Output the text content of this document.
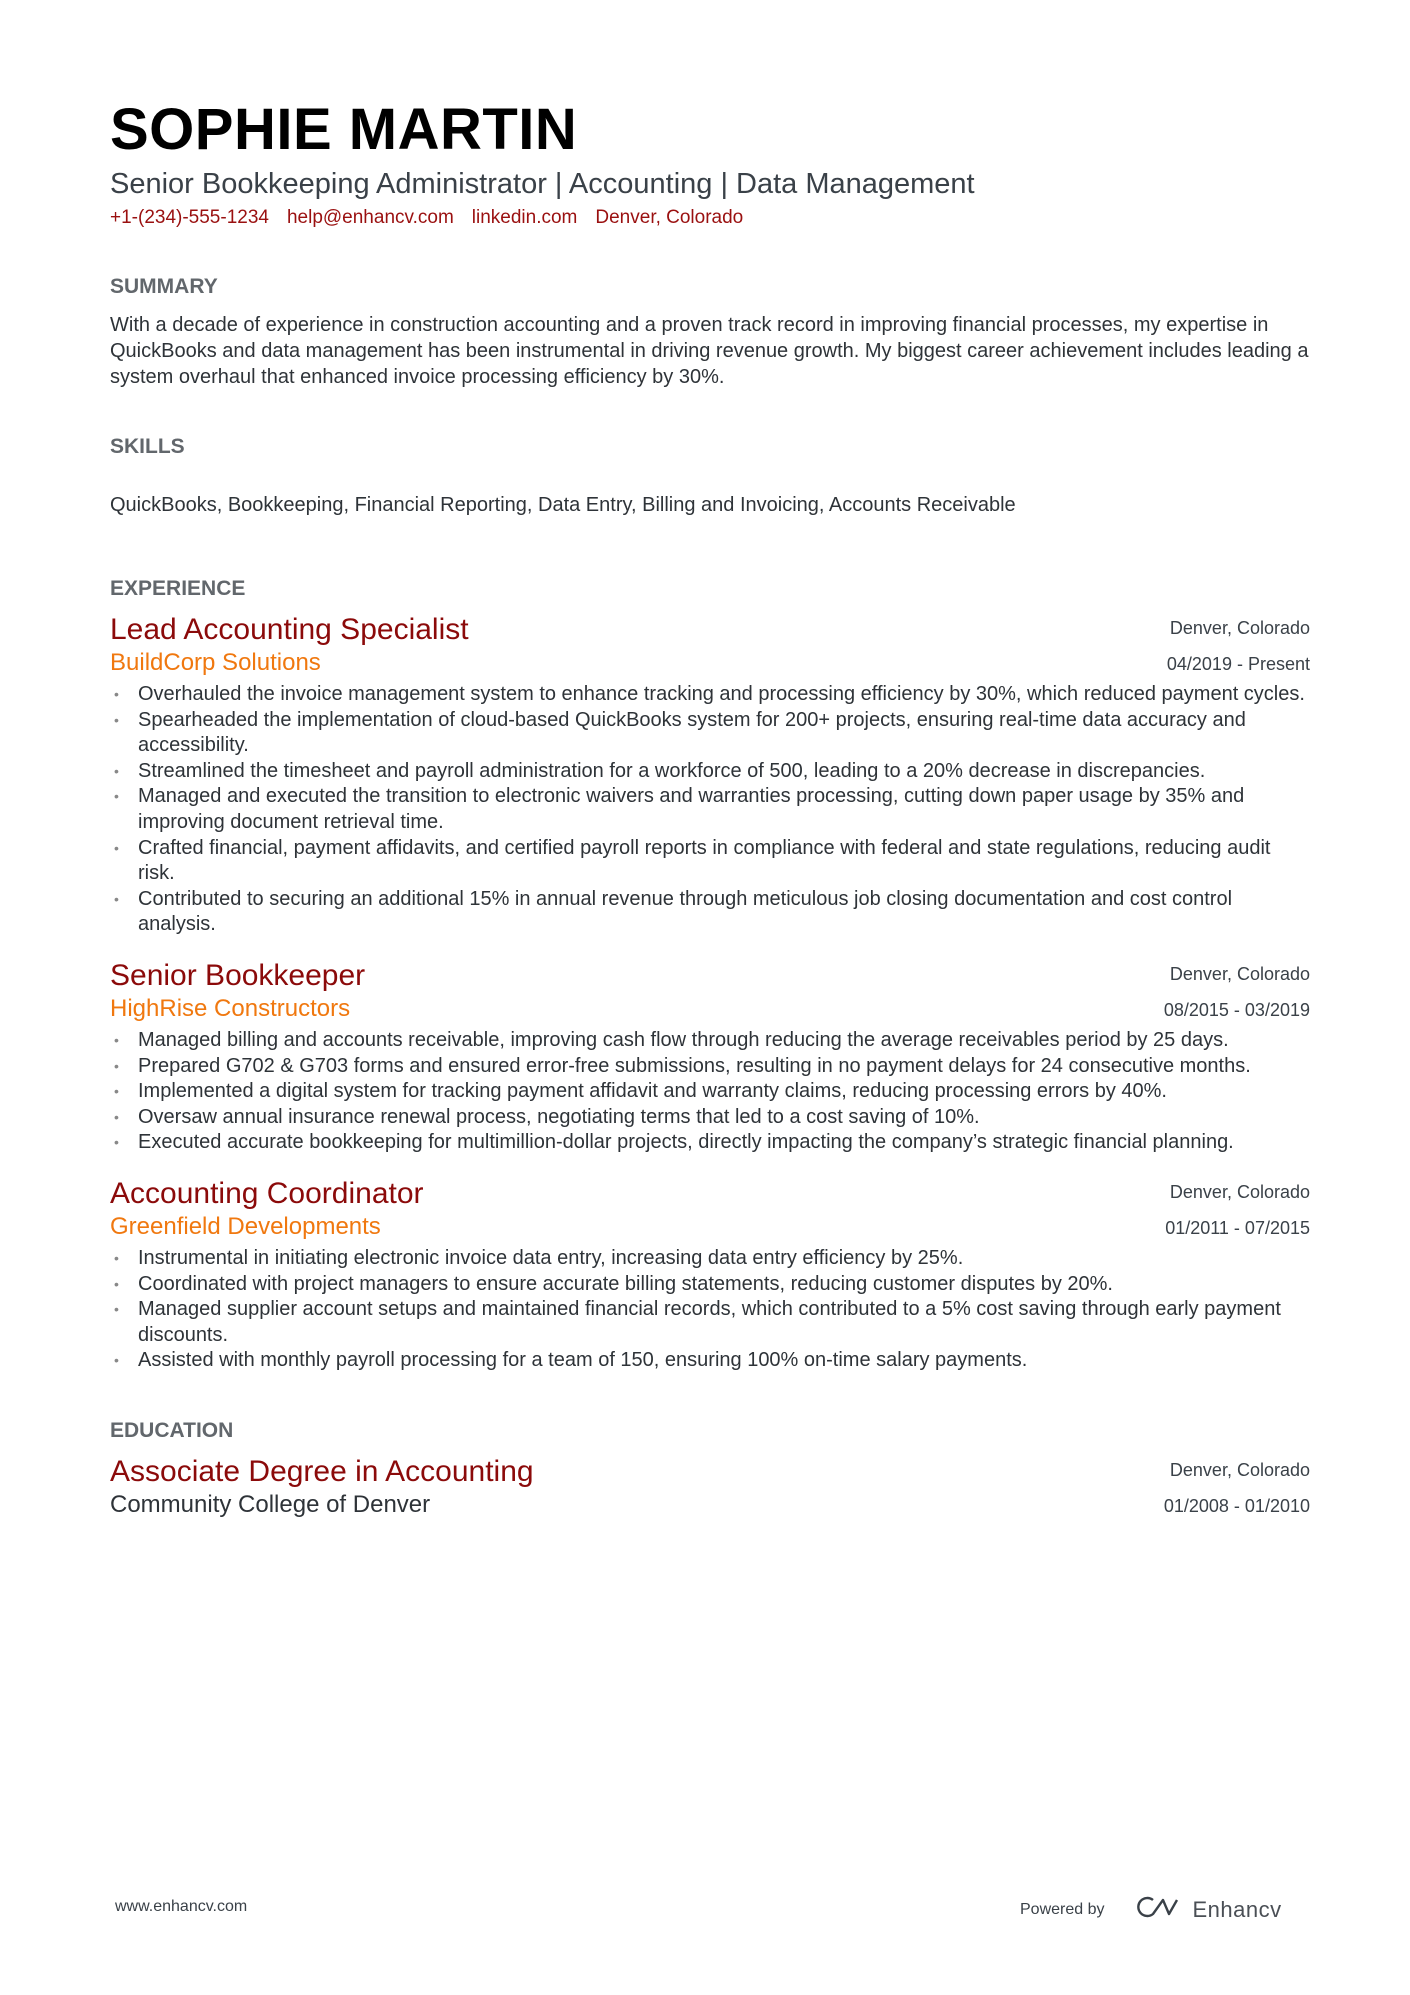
SOPHIE MARTIN
Senior Bookkeeping Administrator | Accounting | Data Management
+1-(234)-555-1234 help@enhancv.com linkedin.com Denver, Colorado
SUMMARY
With a decade of experience in construction accounting and a proven track record in improving financial processes, my expertise in QuickBooks and data management has been instrumental in driving revenue growth. My biggest career achievement includes leading a system overhaul that enhanced invoice processing efficiency by 30%.
SKILLS
QuickBooks, Bookkeeping, Financial Reporting, Data Entry, Billing and Invoicing, Accounts Receivable
EXPERIENCE
Denver, Colorado
04/2019 - Present
Lead Accounting Specialist
BuildCorp Solutions
• Overhauled the invoice management system to enhance tracking and processing efficiency by 30%, which reduced payment cycles.
• Spearheaded the implementation of cloud-based QuickBooks system for 200+ projects, ensuring real-time data accuracy and accessibility.
• Streamlined the timesheet and payroll administration for a workforce of 500, leading to a 20% decrease in discrepancies.
• Managed and executed the transition to electronic waivers and warranties processing, cutting down paper usage by 35% and improving document retrieval time.
• Crafted financial, payment affidavits, and certified payroll reports in compliance with federal and state regulations, reducing audit risk.
• Contributed to securing an additional 15% in annual revenue through meticulous job closing documentation and cost control analysis.
Denver, Colorado
08/2015 - 03/2019
Senior Bookkeeper
HighRise Constructors
• Managed billing and accounts receivable, improving cash flow through reducing the average receivables period by 25 days.
• Prepared G702 & G703 forms and ensured error-free submissions, resulting in no payment delays for 24 consecutive months.
• Implemented a digital system for tracking payment affidavit and warranty claims, reducing processing errors by 40%.
• Oversaw annual insurance renewal process, negotiating terms that led to a cost saving of 10%.
• Executed accurate bookkeeping for multimillion-dollar projects, directly impacting the company’s strategic financial planning.
Denver, Colorado
01/2011 - 07/2015
Accounting Coordinator
Greenfield Developments
• Instrumental in initiating electronic invoice data entry, increasing data entry efficiency by 25%.
• Coordinated with project managers to ensure accurate billing statements, reducing customer disputes by 20%.
• Managed supplier account setups and maintained financial records, which contributed to a 5% cost saving through early payment discounts.
• Assisted with monthly payroll processing for a team of 150, ensuring 100% on-time salary payments.
EDUCATION
Denver, Colorado
01/2008 - 01/2010
Associate Degree in Accounting
Community College of Denver
www.enhancv.com	Powered by	Enhancv
